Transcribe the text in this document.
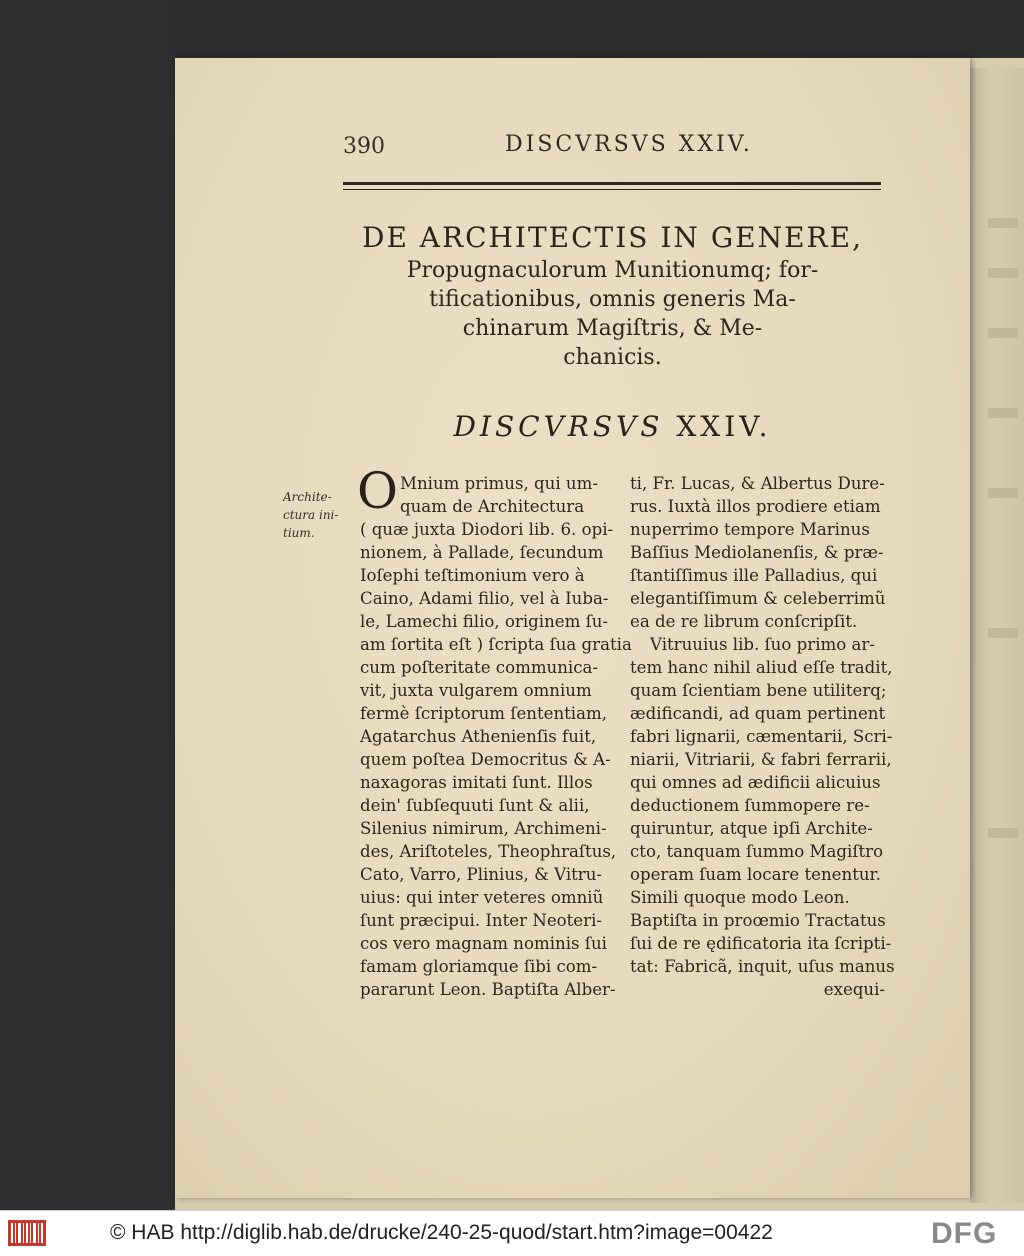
390	DISCVRSVS XXIV.
DE ARCHITECTIS IN GENERE,
Propugnaculorum Munitionumq; for-
tificationibus, omnis generis Ma-
chinarum Magiſtris, & Me-
chanicis.
DISCVRSVS XXIV.
Archite-
ctura ini-
tium.
O Mnium primus, qui um-
quam de Architectura
( quæ juxta Diodori lib. 6. opi-
nionem, à Pallade, ſecundum
Ioſephi teſtimonium vero à
Caino, Adami filio, vel à Iuba-
le, Lamechi filio, originem ſu-
am ſortita eſt ) ſcripta ſua gratia
cum poſteritate communica-
vit, juxta vulgarem omnium
fermè ſcriptorum ſententiam,
Agatarchus Athenienſis fuit,
quem poſtea Democritus & A-
naxagoras imitati ſunt. Illos
dein' ſubſequuti ſunt & alii,
Silenius nimirum, Archimeni-
des, Ariſtoteles, Theophraſtus,
Cato, Varro, Plinius, & Vitru-
uius: qui inter veteres omniũ
ſunt præcipui. Inter Neoteri-
cos vero magnam nominis ſui
famam gloriamque ſibi com-
pararunt Leon. Baptiſta Alber-
ti, Fr. Lucas, & Albertus Dure-
rus. Iuxtà illos prodiere etiam
nuperrimo tempore Marinus
Baſſius Mediolanenſis, & præ-
ſtantiſſimus ille Palladius, qui
elegantiſſimum & celeberrimũ
ea de re librum conſcripſit.
Vitruuius lib. ſuo primo ar-
tem hanc nihil aliud eſſe tradit,
quam ſcientiam bene utiliterq;
ædificandi, ad quam pertinent
fabri lignarii, cæmentarii, Scri-
niarii, Vitriarii, & fabri ferrarii,
qui omnes ad ædificii alicuius
deductionem ſummopere re-
quiruntur, atque ipſi Archite-
cto, tanquam ſummo Magiſtro
operam ſuam locare tenentur.
Simili quoque modo Leon.
Baptiſta in proœmio Tractatus
ſui de re ędificatoria ita ſcripti-
tat: Fabricã, inquit, uſus manus
exequi-
© HAB http://diglib.hab.de/drucke/240-25-quod/start.htm?image=00422	DFG
